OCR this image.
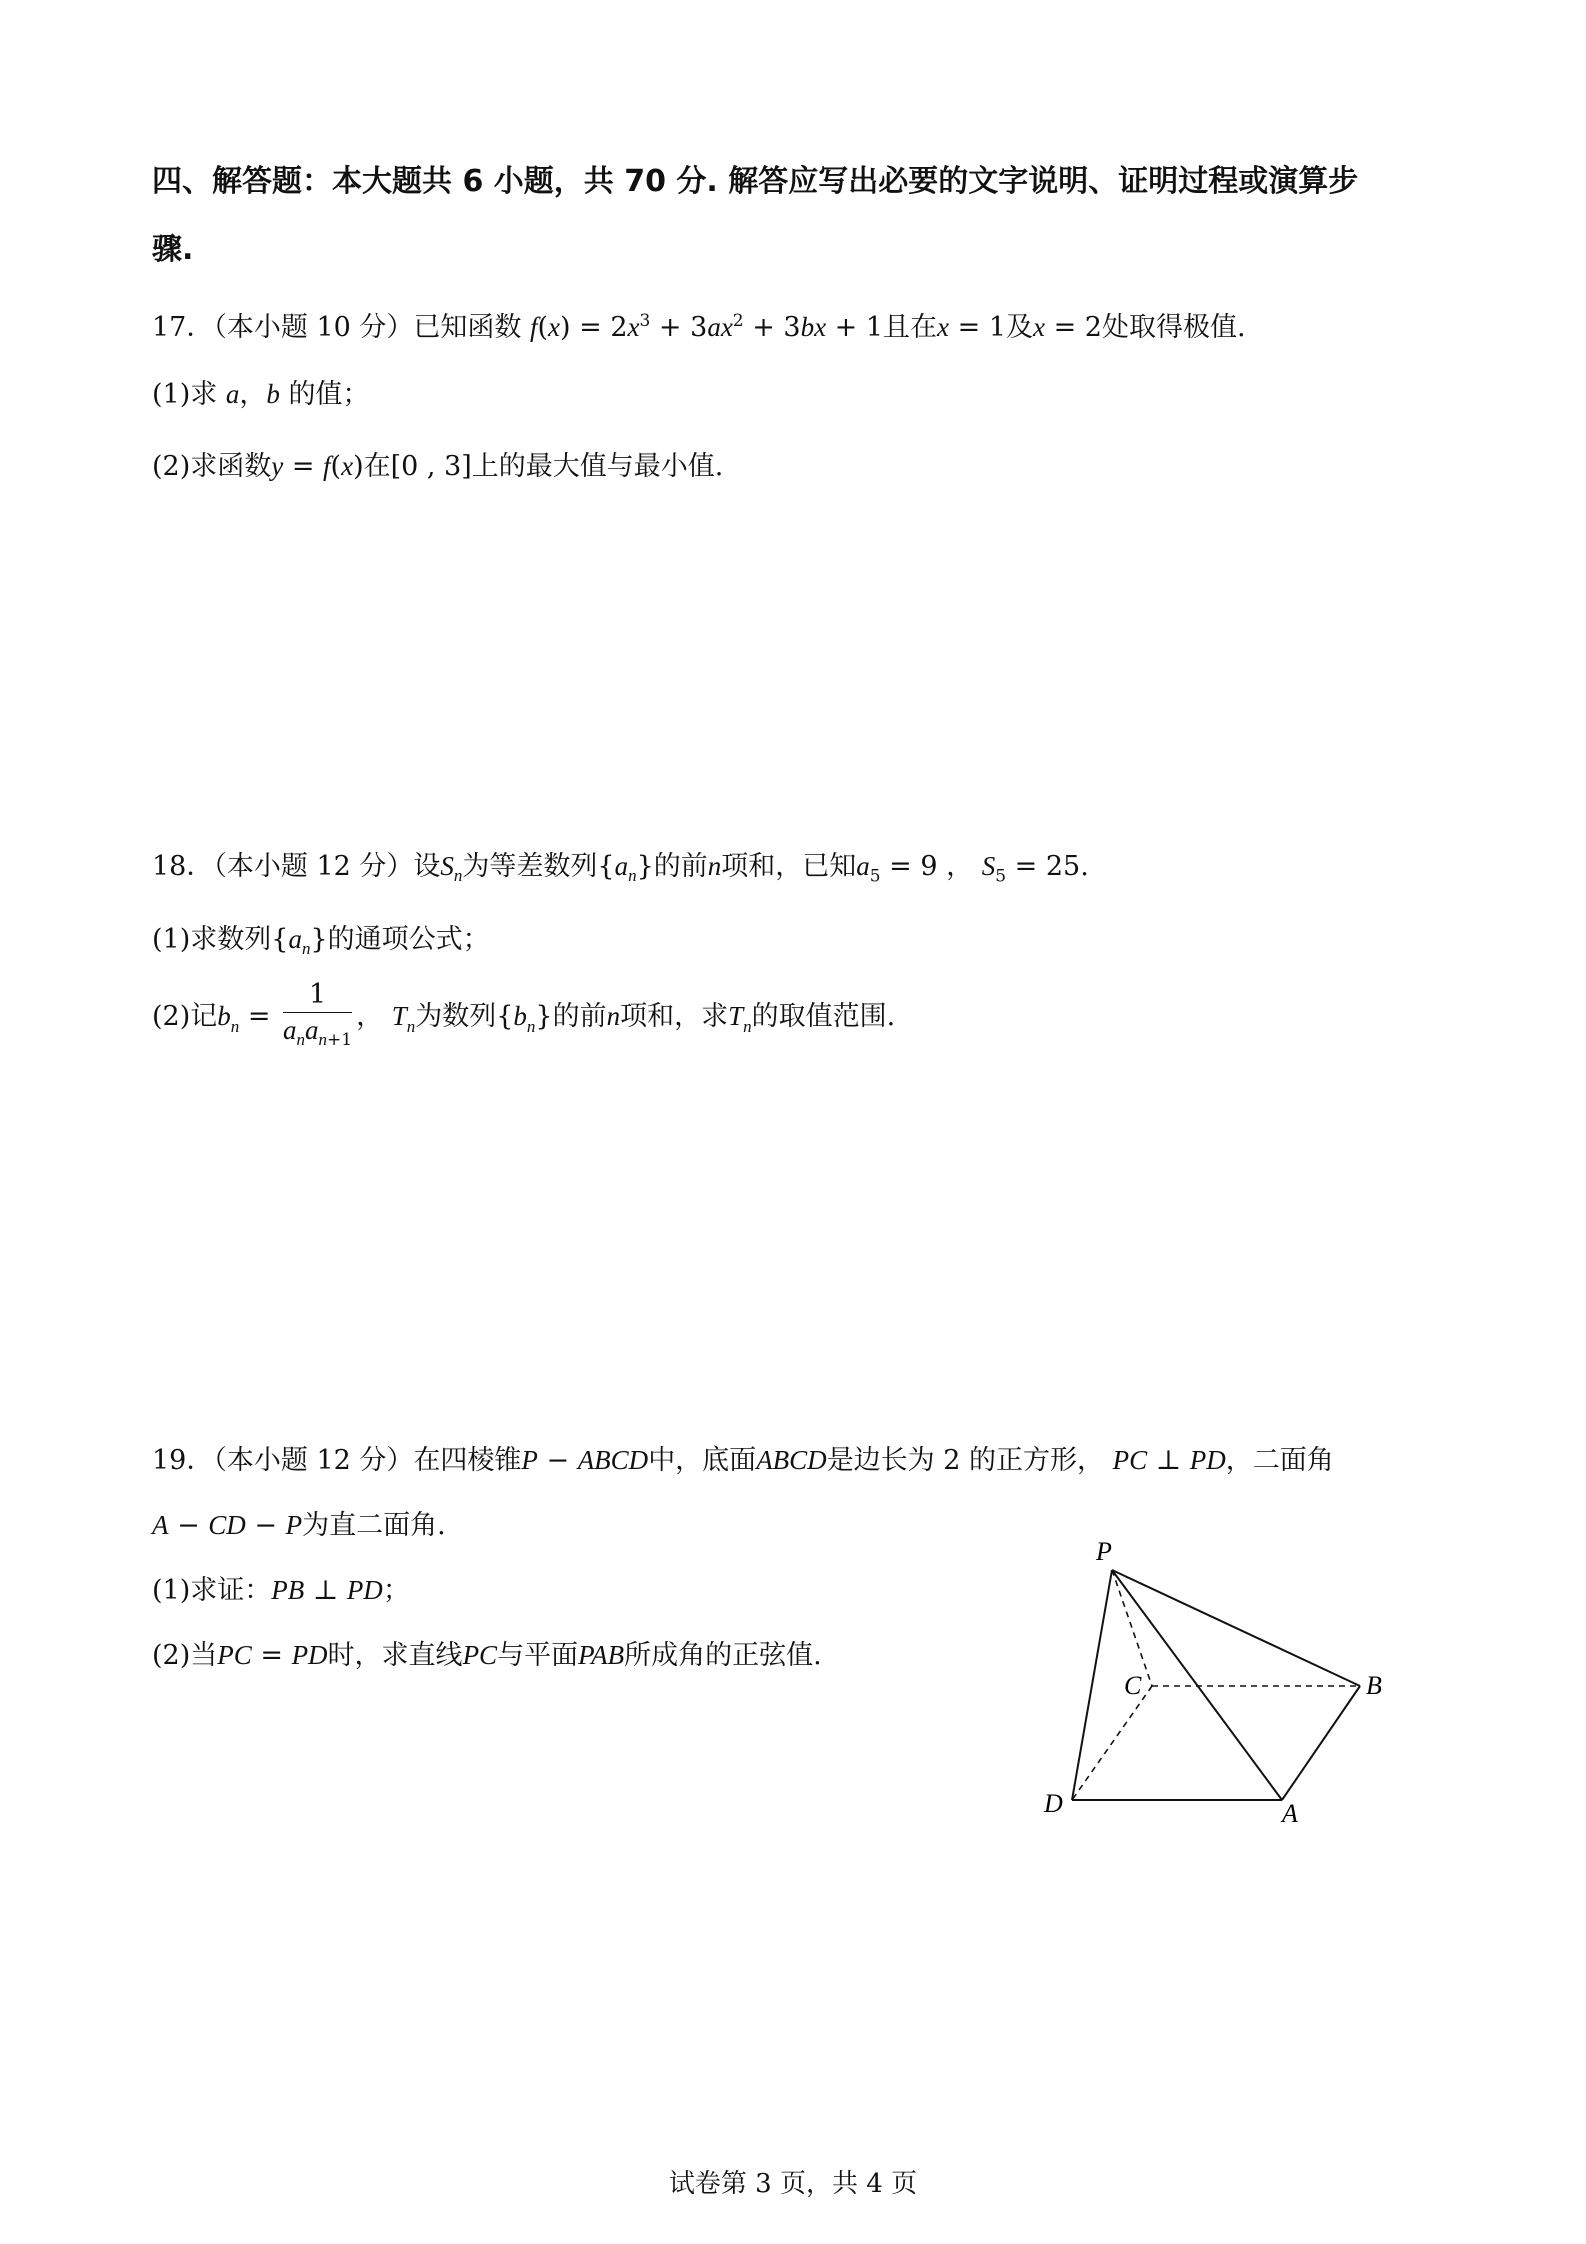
四、解答题：本大题共 6 小题，共 70 分. 解答应写出必要的文字说明、证明过程或演算步
骤.
17．（本小题 10 分）已知函数 $f(x) = 2x^3 + 3ax^2 + 3bx + 1$且在x = 1及x = 2处取得极值.
(1)求 a，b 的值；
(2)求函数y = f(x)在[0 , 3]上的最大值与最小值.
18．（本小题 12 分）设$S_n$为等差数列$\{a_n\}$的前n项和，已知$a_5 = 9$ ， $S_5 = 25$.
(1)求数列$\{a_n\}$的通项公式；
(2)记$b_n = \frac{1}{a_na_{n+1}}$ ， $T_n$为数列$\{b_n\}$的前n项和，求$T_n$的取值范围.
19．（本小题 12 分）在四棱锥P − ABCD中，底面ABCD是边长为 2 的正方形， PC ⊥ PD，二面角
A − CD − P为直二面角.
(1)求证：PB ⊥ PD；
(2)当PC = PD时，求直线PC与平面PAB所成角的正弦值.
P
C	B
D	A
试卷第 3 页，共 4 页
